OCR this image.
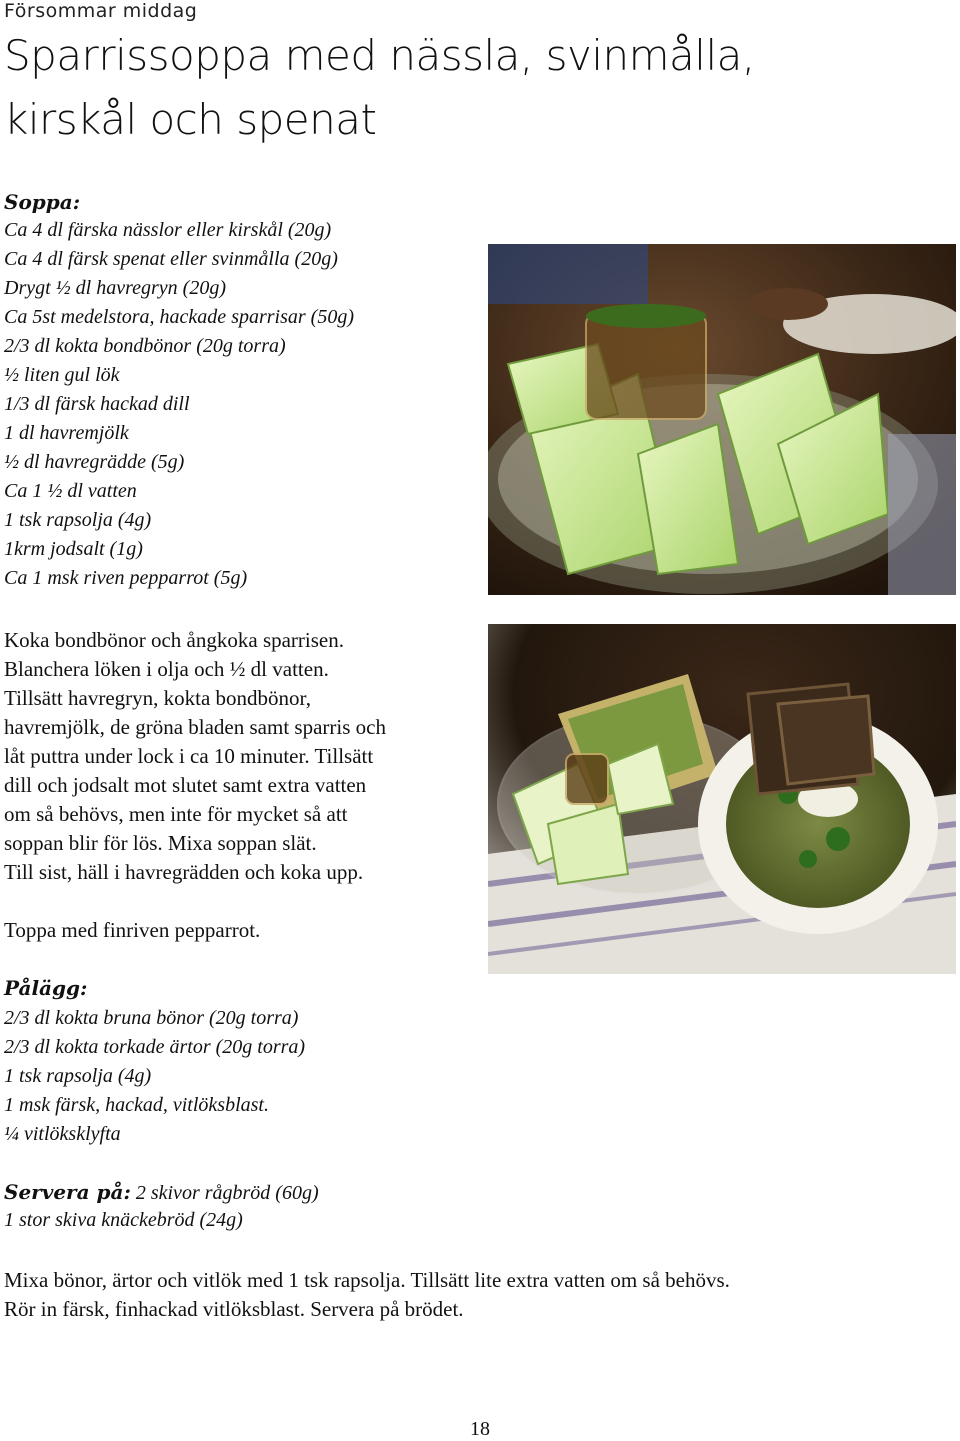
Försommar middag
Sparrissoppa med nässla, svinmålla,
kirskål och spenat
Soppa:
Ca 4 dl färska nässlor eller kirskål (20g)
Ca 4 dl färsk spenat eller svinmålla (20g)
Drygt ½ dl havregryn (20g)
Ca 5st medelstora, hackade sparrisar (50g)
2/3 dl kokta bondbönor (20g torra)
½ liten gul lök
1/3 dl färsk hackad dill
1 dl havremjölk
½ dl havregrädde (5g)
Ca 1 ½ dl vatten
1 tsk rapsolja (4g)
1krm jodsalt (1g)
Ca 1 msk riven pepparrot (5g)
Koka bondbönor och ångkoka sparrisen.
Blanchera löken i olja och ½ dl vatten.
Tillsätt havregryn, kokta bondbönor,
havremjölk, de gröna bladen samt sparris och
låt puttra under lock i ca 10 minuter. Tillsätt
dill och jodsalt mot slutet samt extra vatten
om så behövs, men inte för mycket så att
soppan blir för lös. Mixa soppan slät.
Till sist, häll i havregrädden och koka upp.
Toppa med finriven pepparrot.
Pålägg:
2/3 dl kokta bruna bönor (20g torra)
2/3 dl kokta torkade ärtor (20g torra)
1 tsk rapsolja (4g)
1 msk färsk, hackad, vitlöksblast.
¼ vitlöksklyfta
Servera på: 2 skivor rågbröd (60g)
1 stor skiva knäckebröd (24g)
Mixa bönor, ärtor och vitlök med 1 tsk rapsolja. Tillsätt lite extra vatten om så behövs.
Rör in färsk, finhackad vitlöksblast. Servera på brödet.
18
